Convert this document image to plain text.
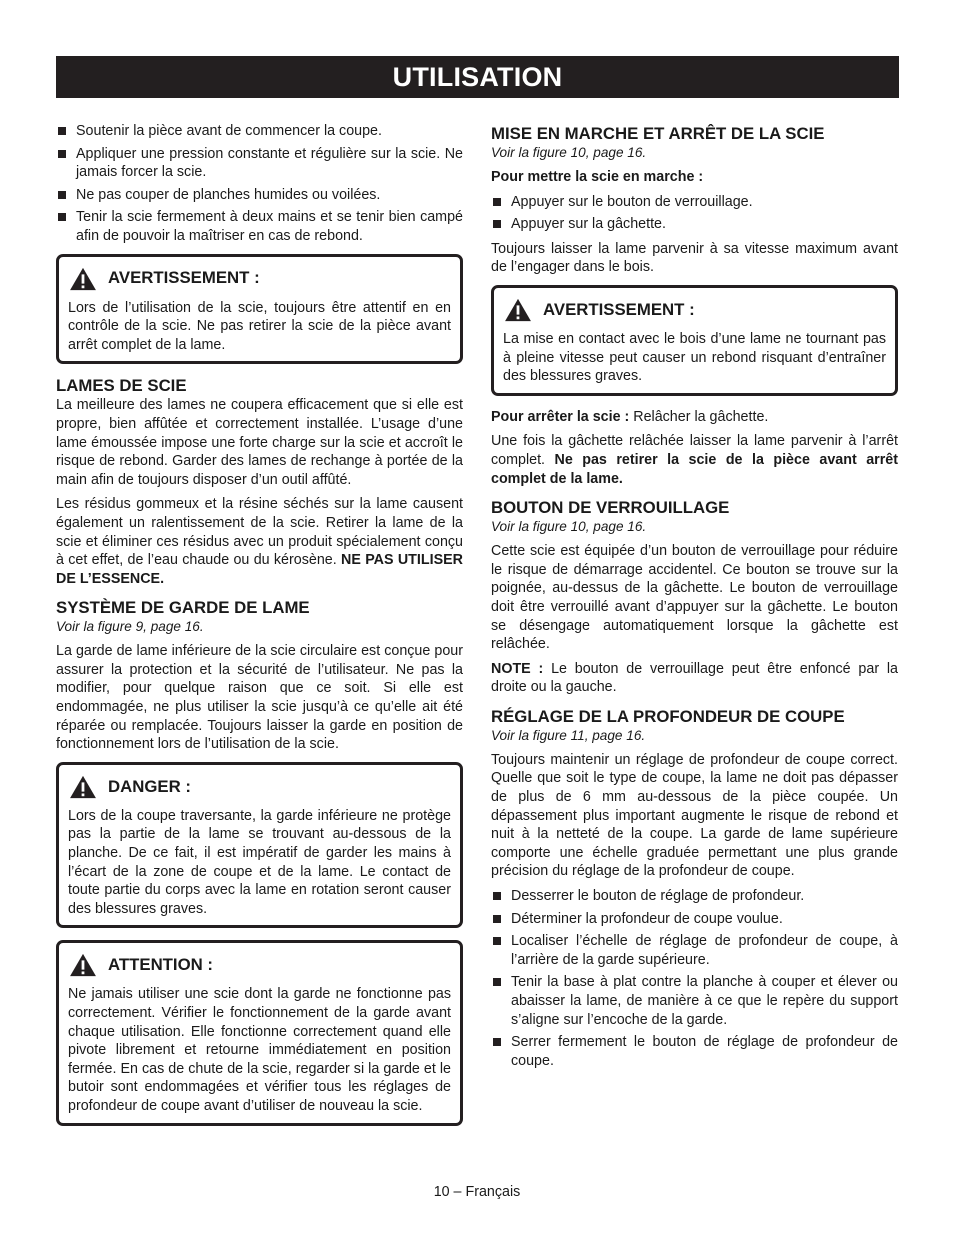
UTILISATION
Soutenir la pièce avant de commencer la coupe.
Appliquer une pression constante et régulière sur la scie. Ne jamais forcer la scie.
Ne pas couper de planches humides ou voilées.
Tenir la scie fermement à deux mains et se tenir bien campé afin de pouvoir la maîtriser en cas de rebond.
AVERTISSEMENT :

Lors de l’utilisation de la scie, toujours être attentif en en contrôle de la scie. Ne pas retirer la scie de la pièce avant arrêt complet de la lame.

LAMES DE SCIE

La meilleure des lames ne coupera efficacement que si elle est propre, bien affûtée et correctement installée. L’usage d’une lame émoussée impose une forte charge sur la scie et accroît le risque de rebond. Garder des lames de rechange à portée de la main afin de toujours disposer d’un outil affûté.

Les résidus gommeux et la résine séchés sur la lame causent également un ralentissement de la scie. Retirer la lame de la scie et éliminer ces résidus avec un produit spécialement conçu à cet effet, de l’eau chaude ou du kérosène. NE PAS UTILISER DE L’ESSENCE.

SYSTÈME DE GARDE DE LAME
Voir la figure 9, page 16.

La garde de lame inférieure de la scie circulaire est conçue pour assurer la protection et la sécurité de l’utilisateur. Ne pas la modifier, pour quelque raison que ce soit. Si elle est endommagée, ne plus utiliser la scie jusqu’à ce qu’elle ait été réparée ou remplacée. Toujours laisser la garde en position de fonctionnement lors de l’utilisation de la scie.

DANGER :

Lors de la coupe traversante, la garde inférieure ne protège pas la partie de la lame se trouvant au-dessous de la planche. De ce fait, il est impératif de garder les mains à l’écart de la zone de coupe et de la lame. Le contact de toute partie du corps avec la lame en rotation seront causer des blessures graves.

ATTENTION :

Ne jamais utiliser une scie dont la garde ne fonctionne pas correctement. Vérifier le fonctionnement de la garde avant chaque utilisation. Elle fonctionne correctement quand elle pivote librement et retourne immédiatement en position fermée. En cas de chute de la scie, regarder si la garde et le butoir sont endommagées et vérifier tous les réglages de profondeur de coupe avant d’utiliser de nouveau la scie.

MISE EN MARCHE ET ARRÊT DE LA SCIE
Voir la figure 10, page 16.

Pour mettre la scie en marche :

Appuyer sur le bouton de verrouillage.
Appuyer sur la gâchette.

Toujours laisser la lame parvenir à sa vitesse maximum avant de l’engager dans le bois.

AVERTISSEMENT :

La mise en contact avec le bois d’une lame ne tournant pas à pleine vitesse peut causer un rebond risquant d’entraîner des blessures graves.

Pour arrêter la scie : Relâcher la gâchette.

Une fois la gâchette relâchée laisser la lame parvenir à l’arrêt complet. Ne pas retirer la scie de la pièce avant arrêt complet de la lame.

BOUTON DE VERROUILLAGE
Voir la figure 10, page 16.

Cette scie est équipée d’un bouton de verrouillage pour réduire le risque de démarrage accidentel. Ce bouton se trouve sur la poignée, au-dessus de la gâchette. Le bouton de verrouillage doit être verrouillé avant d’appuyer sur la gâchette. Le bouton se désengage automatiquement lorsque la gâchette est relâchée.

NOTE : Le bouton de verrouillage peut être enfoncé par la droite ou la gauche.

RÉGLAGE DE LA PROFONDEUR DE COUPE
Voir la figure 11, page 16.

Toujours maintenir un réglage de profondeur de coupe correct. Quelle que soit le type de coupe, la lame ne doit pas dépasser de plus de 6 mm au-dessous de la pièce coupée. Un dépassement plus important augmente le risque de rebond et nuit à la netteté de la coupe. La garde de lame supérieure comporte une échelle graduée permettant une plus grande précision du réglage de la profondeur de coupe.

Desserrer le bouton de réglage de profondeur.
Déterminer la profondeur de coupe voulue.
Localiser l’échelle de réglage de profondeur de coupe, à l’arrière de la garde supérieure.
Tenir la base à plat contre la planche à couper et élever ou abaisser la lame, de manière à ce que le repère du support s’aligne sur l’encoche de la garde.
Serrer fermement le bouton de réglage de profondeur de coupe.
10 – Français
